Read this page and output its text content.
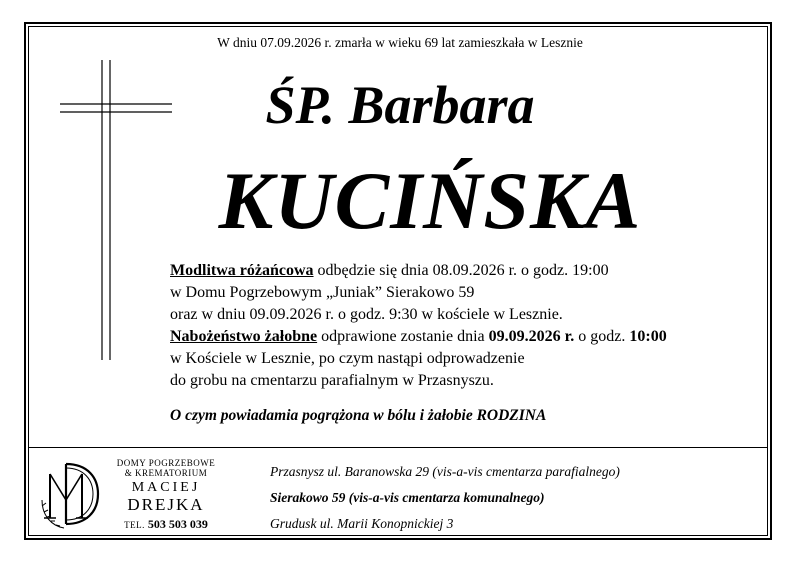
W dniu 07.09.2026 r. zmarła w wieku 69 lat zamieszkała w Lesznie
ŚP. Barbara
KUCIŃSKA
Modlitwa różańcowa odbędzie się dnia 08.09.2026 r. o godz. 19:00
w Domu Pogrzebowym „Juniak” Sierakowo 59
oraz w dniu 09.09.2026 r. o godz. 9:30 w kościele w Lesznie.
Nabożeństwo żałobne odprawione zostanie dnia 09.09.2026 r. o godz. 10:00
w Kościele w Lesznie, po czym nastąpi odprowadzenie
do grobu na cmentarzu parafialnym w Przasnyszu.
O czym powiadamia pogrążona w bólu i żałobie RODZINA
DOMY POGRZEBOWE
& KREMATORIUM
MACIEJ
DREJKA
TEL. 503 503 039
Przasnysz ul. Baranowska 29 (vis-a-vis cmentarza parafialnego)
Sierakowo 59 (vis-a-vis cmentarza komunalnego)
Grudusk ul. Marii Konopnickiej 3
